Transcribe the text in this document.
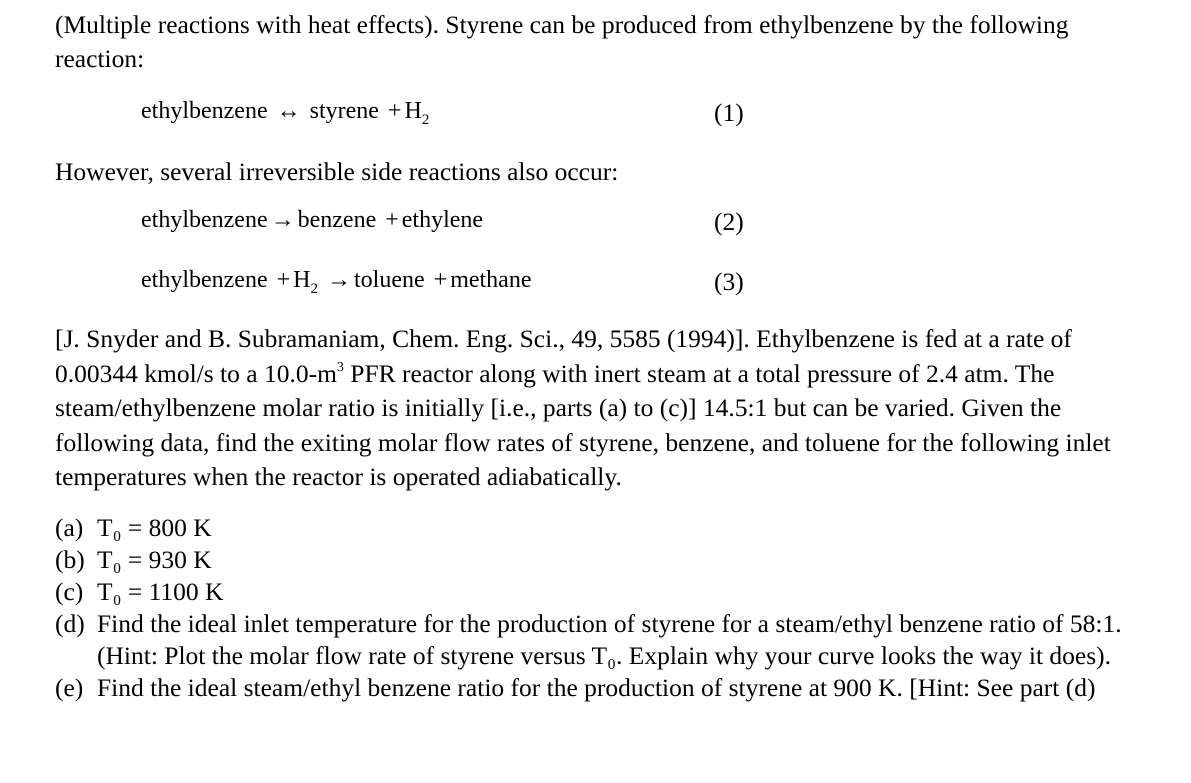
(Multiple reactions with heat effects). Styrene can be produced from ethylbenzene by the following reaction:

ethylbenzene ↔ styrene + $H_2$	(1)

However, several irreversible side reactions also occur:

ethylbenzene → benzene + ethylene	(2)
ethylbenzene + $H_2$ → toluene + methane	(3)

[J. Snyder and B. Subramaniam, Chem. Eng. Sci., 49, 5585 (1994)]. Ethylbenzene is fed at a rate of 0.00344 kmol/s to a $10.0-m^3$ PFR reactor along with inert steam at a total pressure of 2.4 atm. The steam/ethylbenzene molar ratio is initially [i.e., parts (a) to (c)] 14.5:1 but can be varied. Given the following data, find the exiting molar flow rates of styrene, benzene, and toluene for the following inlet temperatures when the reactor is operated adiabatically.

(a) T₀ = 800 K
(b) T₀ = 930 K
(c) T₀ = 1100 K
(d) Find the ideal inlet temperature for the production of styrene for a steam/ethyl benzene ratio of 58:1. (Hint: Plot the molar flow rate of styrene versus T₀. Explain why your curve looks the way it does).
(e) Find the ideal steam/ethyl benzene ratio for the production of styrene at 900 K. [Hint: See part (d)
